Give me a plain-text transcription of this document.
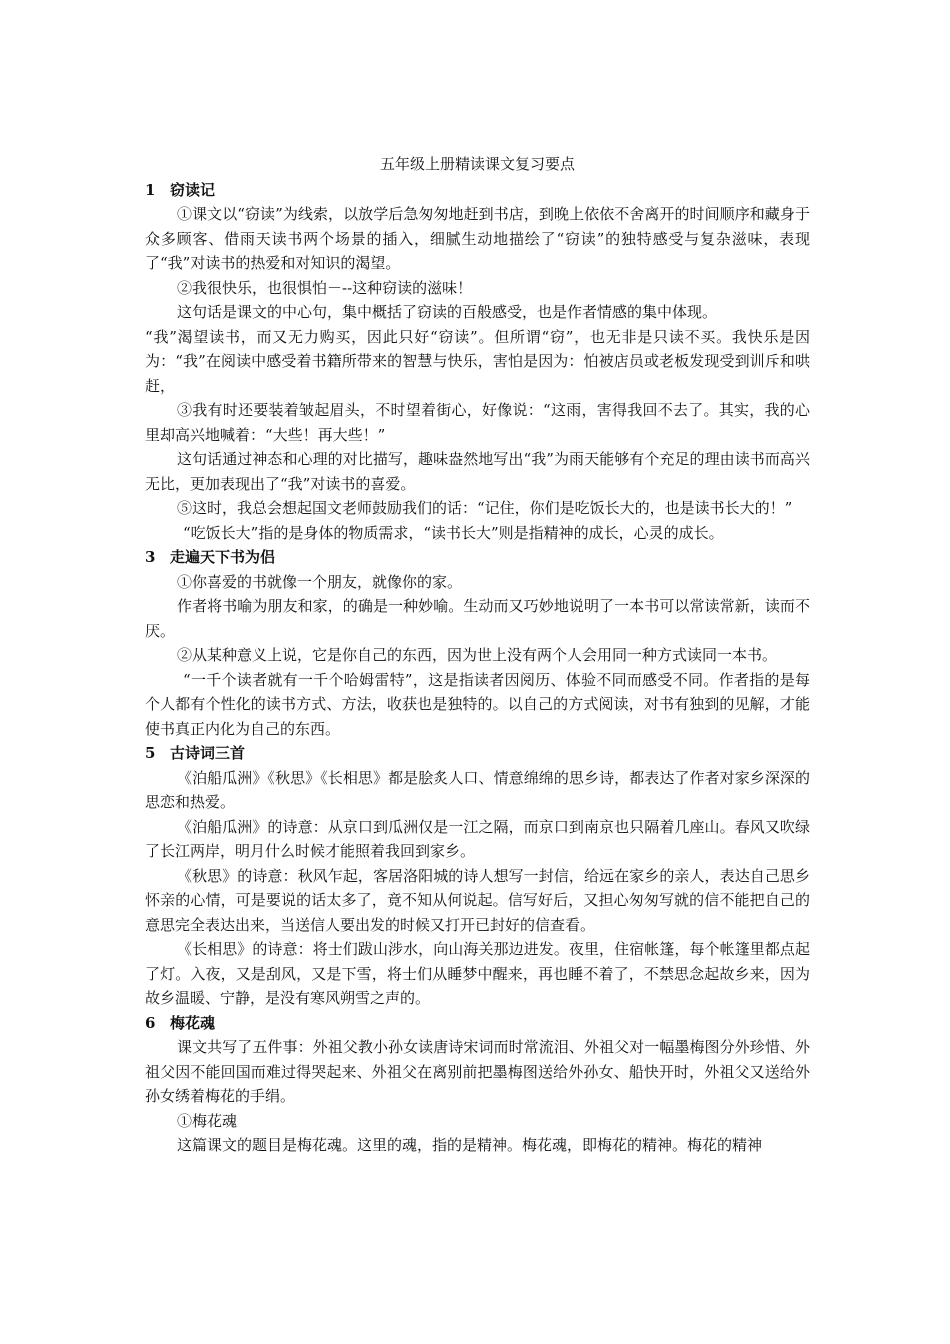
五年级上册精读课文复习要点

1 窃读记

①课文以“窃读”为线索，以放学后急匆匆地赶到书店，到晚上依依不舍离开的时间顺序和藏身于众多顾客、借雨天读书两个场景的插入，细腻生动地描绘了“窃读”的独特感受与复杂滋味，表现了“我”对读书的热爱和对知识的渴望。

②我很快乐，也很惧怕－--这种窃读的滋味！

这句话是课文的中心句，集中概括了窃读的百般感受，也是作者情感的集中体现。

“我”渴望读书，而又无力购买，因此只好“窃读”。但所谓“窃”，也无非是只读不买。我快乐是因为：“我”在阅读中感受着书籍所带来的智慧与快乐，害怕是因为：怕被店员或老板发现受到训斥和哄赶，

③我有时还要装着皱起眉头，不时望着街心，好像说：“这雨，害得我回不去了。其实，我的心里却高兴地喊着：“大些！再大些！”

这句话通过神态和心理的对比描写，趣味盎然地写出“我”为雨天能够有个充足的理由读书而高兴无比，更加表现出了“我”对读书的喜爱。

⑤这时，我总会想起国文老师鼓励我们的话：“记住，你们是吃饭长大的，也是读书长大的！”

“吃饭长大”指的是身体的物质需求，“读书长大”则是指精神的成长，心灵的成长。

3 走遍天下书为侣

①你喜爱的书就像一个朋友，就像你的家。

作者将书喻为朋友和家，的确是一种妙喻。生动而又巧妙地说明了一本书可以常读常新，读而不厌。

②从某种意义上说，它是你自己的东西，因为世上没有两个人会用同一种方式读同一本书。

“一千个读者就有一千个哈姆雷特”，这是指读者因阅历、体验不同而感受不同。作者指的是每个人都有个性化的读书方式、方法，收获也是独特的。以自己的方式阅读，对书有独到的见解，才能使书真正内化为自己的东西。

5 古诗词三首

《泊船瓜洲》《秋思》《长相思》都是脍炙人口、情意绵绵的思乡诗，都表达了作者对家乡深深的思恋和热爱。

《泊船瓜洲》的诗意：从京口到瓜洲仅是一江之隔，而京口到南京也只隔着几座山。春风又吹绿了长江两岸，明月什么时候才能照着我回到家乡。

《秋思》的诗意：秋风乍起，客居洛阳城的诗人想写一封信，给远在家乡的亲人，表达自己思乡怀亲的心情，可是要说的话太多了，竟不知从何说起。信写好后，又担心匆匆写就的信不能把自己的意思完全表达出来，当送信人要出发的时候又打开已封好的信查看。

《长相思》的诗意：将士们跋山涉水，向山海关那边进发。夜里，住宿帐篷，每个帐篷里都点起了灯。入夜，又是刮风，又是下雪，将士们从睡梦中醒来，再也睡不着了，不禁思念起故乡来，因为故乡温暖、宁静，是没有寒风朔雪之声的。

6 梅花魂

课文共写了五件事：外祖父教小孙女读唐诗宋词而时常流泪、外祖父对一幅墨梅图分外珍惜、外祖父因不能回国而难过得哭起来、外祖父在离别前把墨梅图送给外孙女、船快开时，外祖父又送给外孙女绣着梅花的手绢。

①梅花魂

这篇课文的题目是梅花魂。这里的魂，指的是精神。梅花魂，即梅花的精神。梅花的精神
